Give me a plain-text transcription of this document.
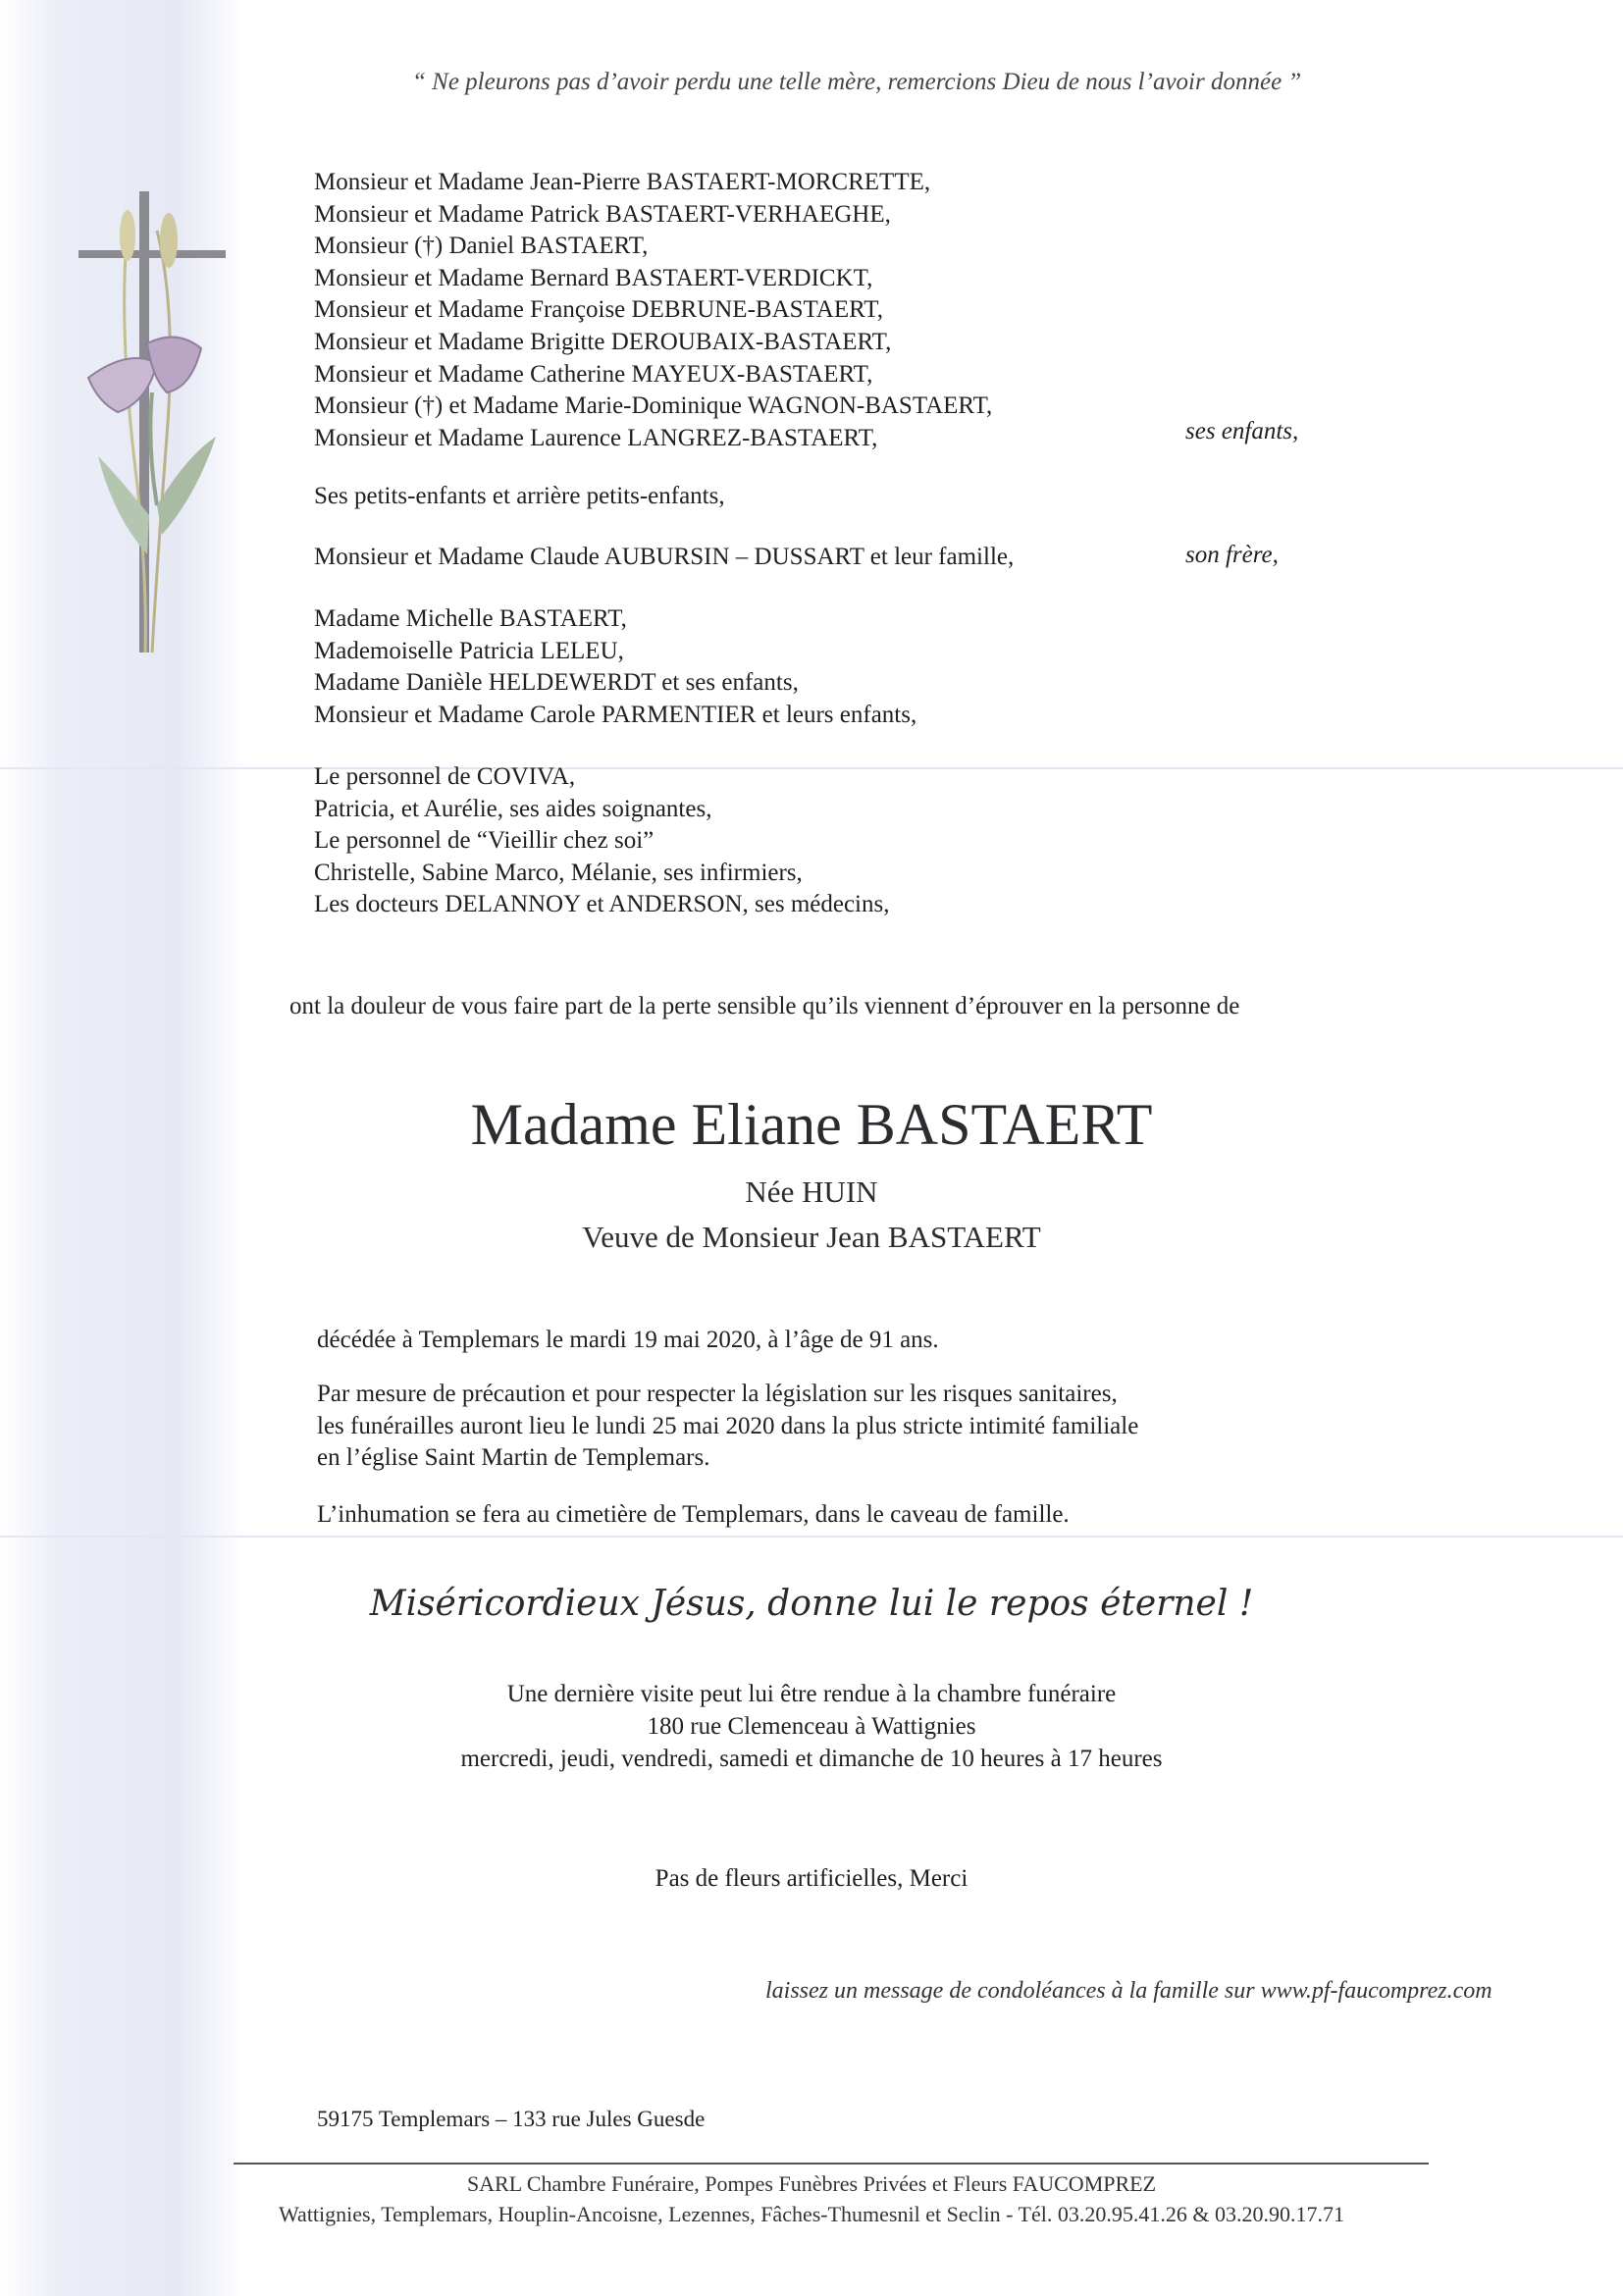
“ Ne pleurons pas d’avoir perdu une telle mère, remercions Dieu de nous l’avoir donnée ”
Monsieur et Madame Jean-Pierre BASTAERT-MORCRETTE,
Monsieur et Madame Patrick BASTAERT-VERHAEGHE,
Monsieur (†) Daniel BASTAERT,
Monsieur et Madame Bernard BASTAERT-VERDICKT,
Monsieur et Madame Françoise DEBRUNE-BASTAERT,
Monsieur et Madame Brigitte DEROUBAIX-BASTAERT,
Monsieur et Madame Catherine MAYEUX-BASTAERT,
Monsieur (†) et Madame Marie-Dominique WAGNON-BASTAERT,
Monsieur et Madame Laurence LANGREZ-BASTAERT,	ses enfants,
Ses petits-enfants et arrière petits-enfants,
Monsieur et Madame Claude AUBURSIN – DUSSART et leur famille,	son frère,
Madame Michelle BASTAERT,
Mademoiselle Patricia LELEU,
Madame Danièle HELDEWERDT et ses enfants,
Monsieur et Madame Carole PARMENTIER et leurs enfants,
Le personnel de COVIVA,
Patricia, et Aurélie, ses aides soignantes,
Le personnel de “Vieillir chez soi”
Christelle, Sabine Marco, Mélanie, ses infirmiers,
Les docteurs DELANNOY et ANDERSON, ses médecins,
ont la douleur de vous faire part de la perte sensible qu’ils viennent d’éprouver en la personne de
Madame Eliane BASTAERT
Née HUIN
Veuve de Monsieur Jean BASTAERT
décédée à Templemars le mardi 19 mai 2020, à l’âge de 91 ans.
Par mesure de précaution et pour respecter la législation sur les risques sanitaires,
les funérailles auront lieu le lundi 25 mai 2020 dans la plus stricte intimité familiale
en l’église Saint Martin de Templemars.
L’inhumation se fera au cimetière de Templemars, dans le caveau de famille.
Miséricordieux Jésus, donne lui le repos éternel !
Une dernière visite peut lui être rendue à la chambre funéraire
180 rue Clemenceau à Wattignies
mercredi, jeudi, vendredi, samedi et dimanche de 10 heures à 17 heures
Pas de fleurs artificielles, Merci
laissez un message de condoléances à la famille sur www.pf-faucomprez.com
59175 Templemars – 133 rue Jules Guesde
SARL Chambre Funéraire, Pompes Funèbres Privées et Fleurs FAUCOMPREZ
Wattignies, Templemars, Houplin-Ancoisne, Lezennes, Fâches-Thumesnil et Seclin - Tél. 03.20.95.41.26 & 03.20.90.17.71
